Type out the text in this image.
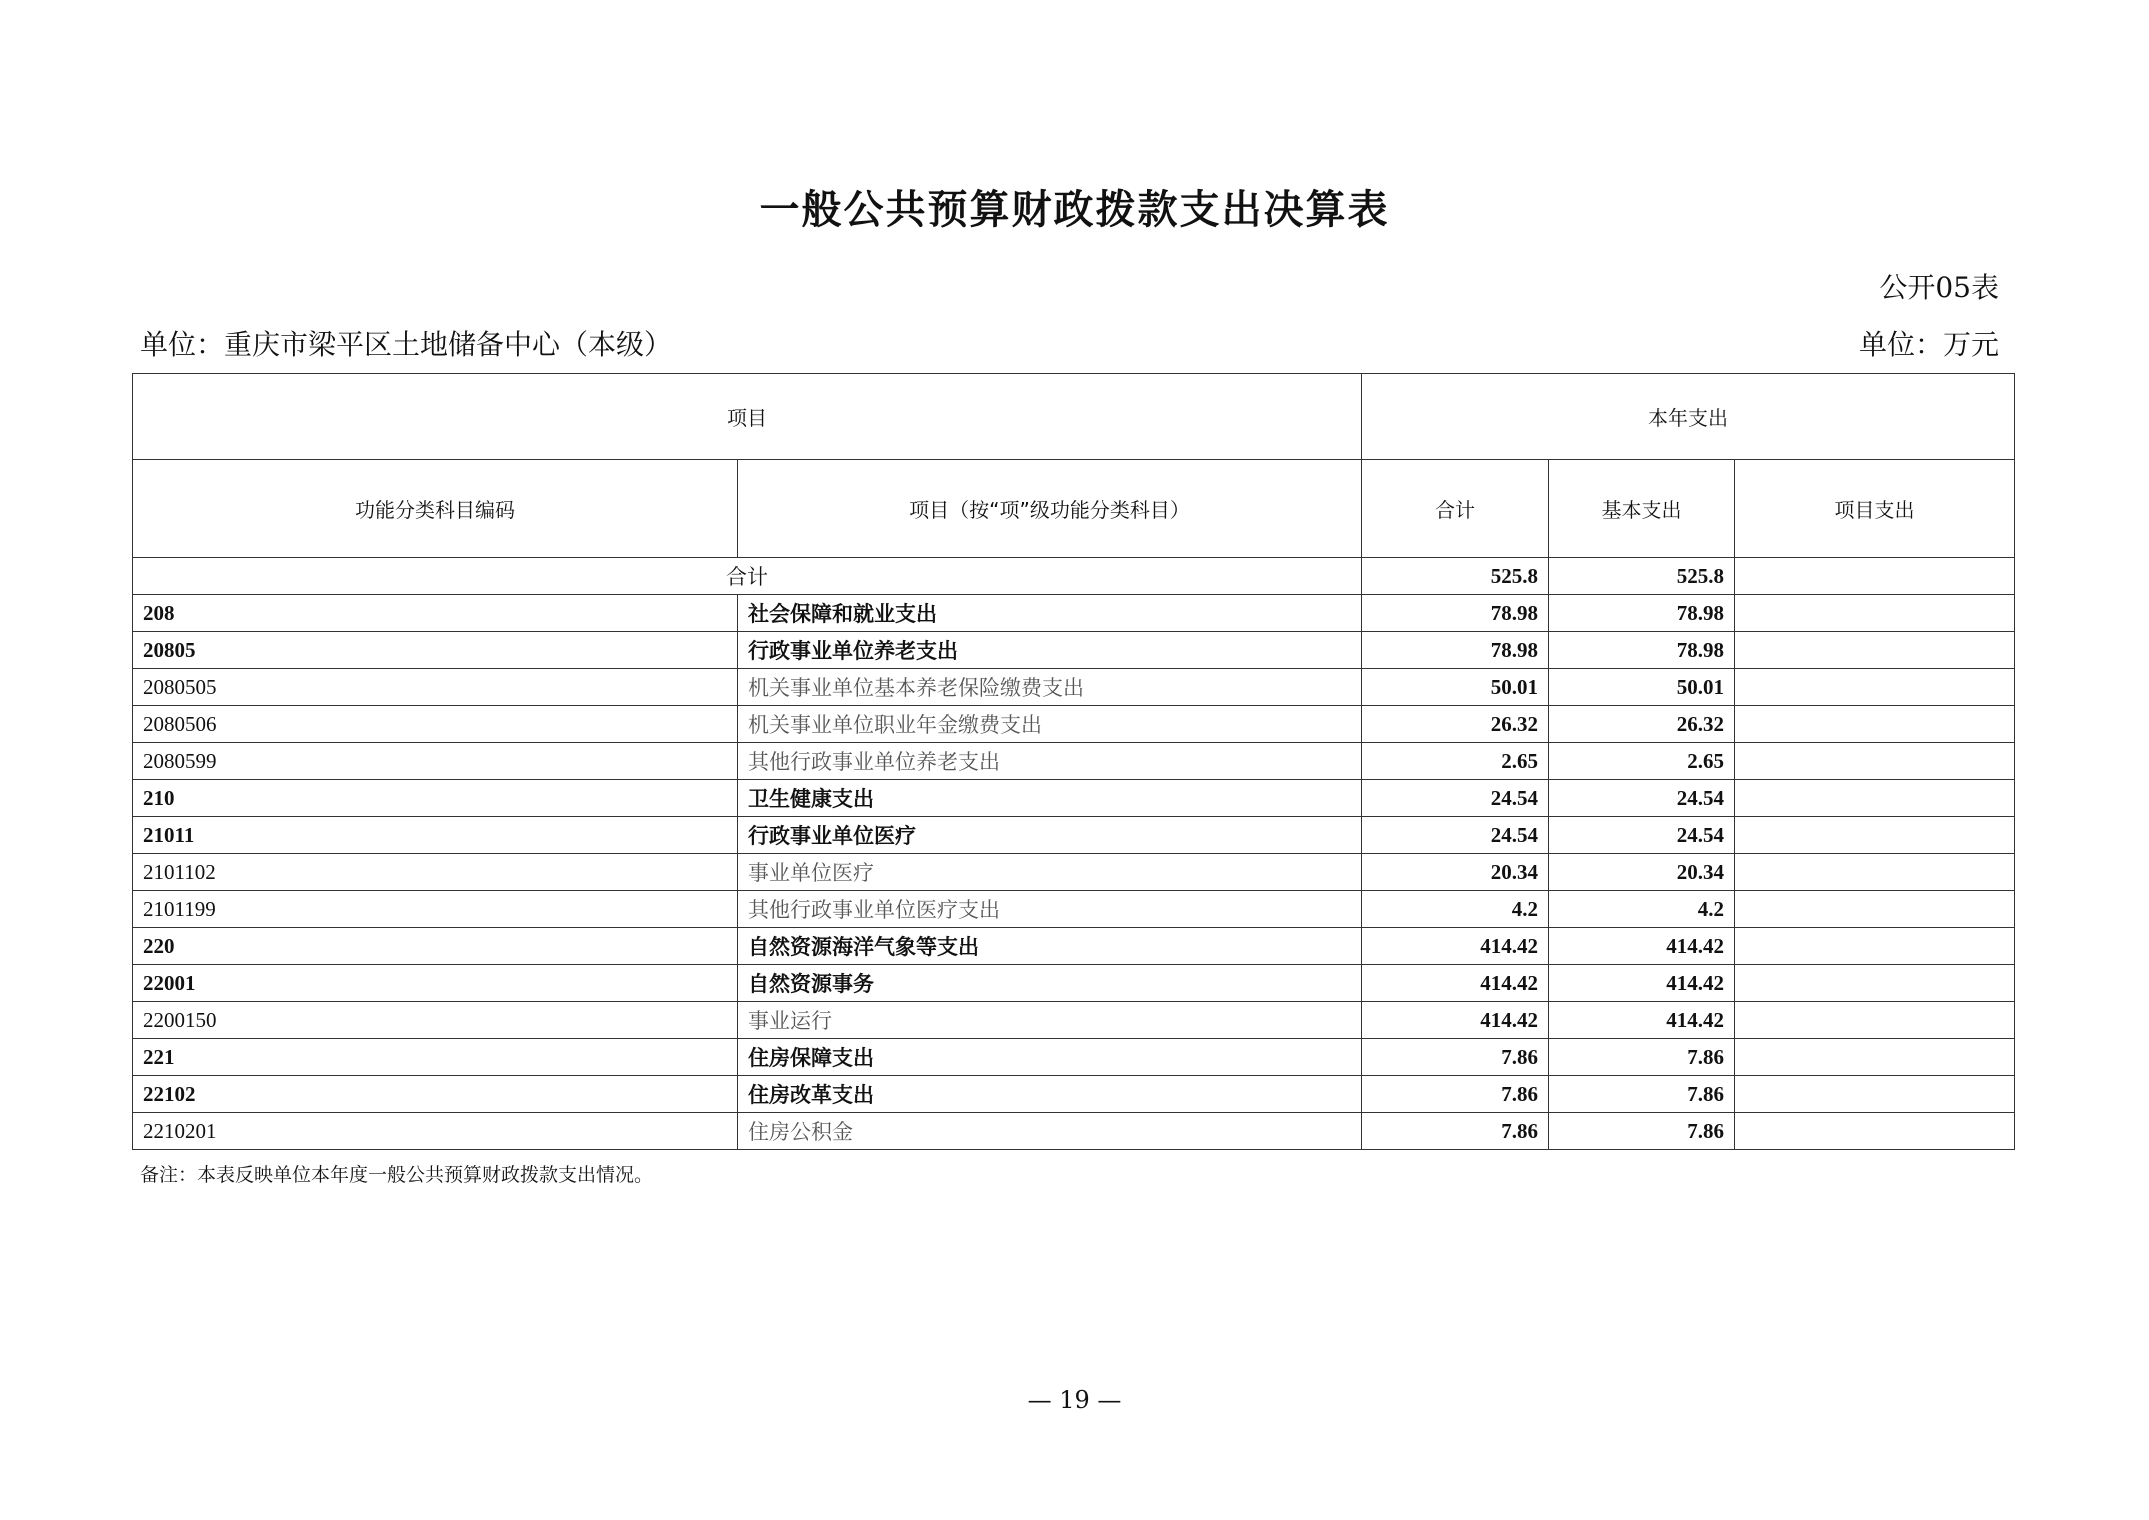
一般公共预算财政拨款支出决算表
公开05表
单位：重庆市梁平区土地储备中心（本级）	单位：万元
项目		本年支出		
功能分类科目编码	项目（按“项”级功能分类科目）	合计	基本支出	项目支出
合计		525.8	525.8	
208	社会保障和就业支出	78.98	78.98	
20805	行政事业单位养老支出	78.98	78.98	
2080505	机关事业单位基本养老保险缴费支出	50.01	50.01	
2080506	机关事业单位职业年金缴费支出	26.32	26.32	
2080599	其他行政事业单位养老支出	2.65	2.65	
210	卫生健康支出	24.54	24.54	
21011	行政事业单位医疗	24.54	24.54	
2101102	事业单位医疗	20.34	20.34	
2101199	其他行政事业单位医疗支出	4.2	4.2	
220	自然资源海洋气象等支出	414.42	414.42	
22001	自然资源事务	414.42	414.42	
2200150	事业运行	414.42	414.42	
221	住房保障支出	7.86	7.86	
22102	住房改革支出	7.86	7.86	
2210201	住房公积金	7.86	7.86	
备注：本表反映单位本年度一般公共预算财政拨款支出情况。
— 19 —
